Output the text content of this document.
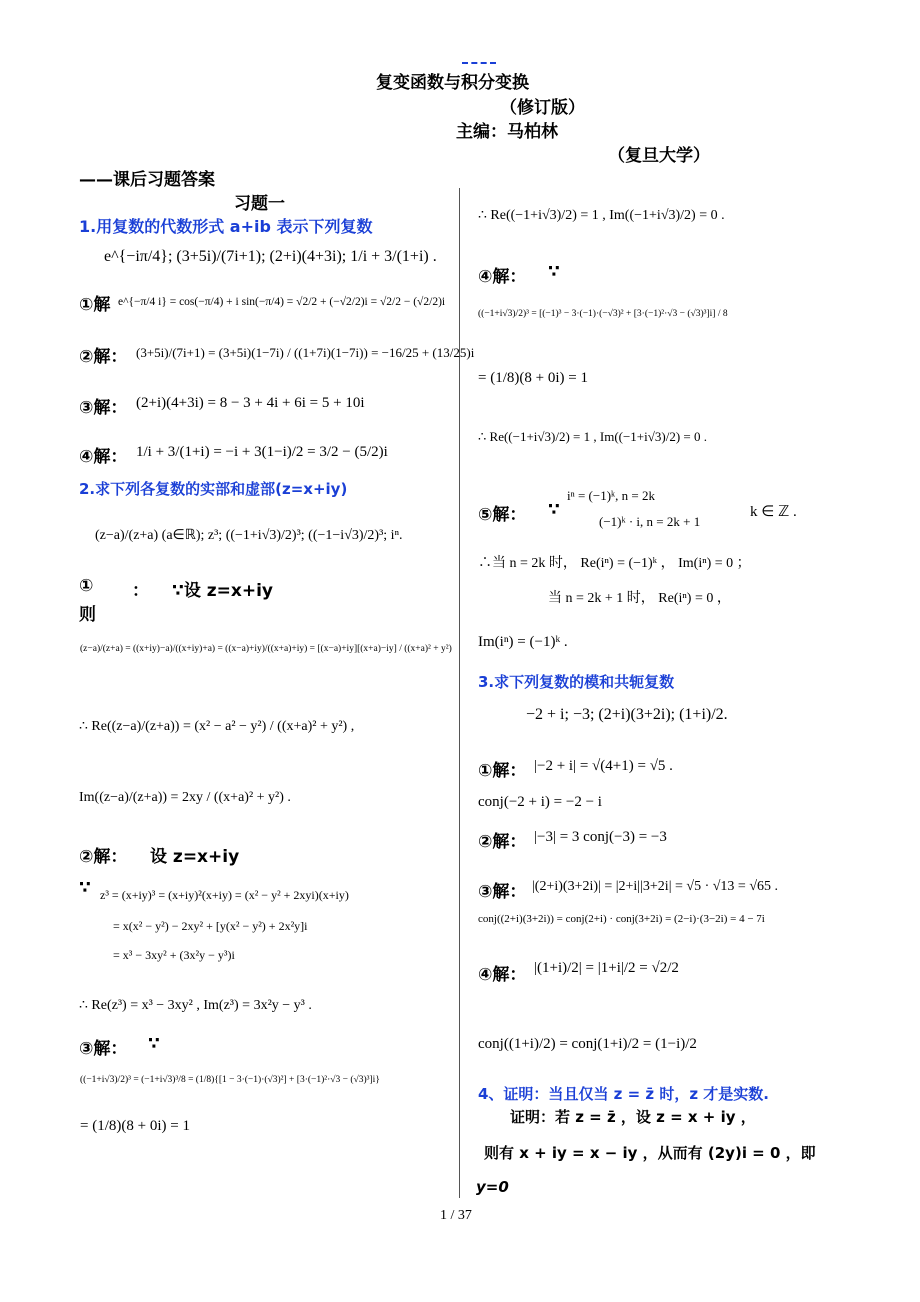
复变函数与积分变换
（修订版）
主编：马柏林
（复旦大学）
——课后习题答案
习题一
1.用复数的代数形式 a+ib 表示下列复数
e^{−iπ/4}; (3+5i)/(7i+1); (2+i)(4+3i); 1/i + 3/(1+i) .
①解 e^{−π/4 i} = cos(−π/4) + i sin(−π/4) = √2/2 + (−√2/2)i = √2/2 − (√2/2)i
②解： (3+5i)/(7i+1) = (3+5i)(1−7i) / ((1+7i)(1−7i)) = −16/25 + (13/25)i
③解： (2+i)(4+3i) = 8 − 3 + 4i + 6i = 5 + 10i
④解： 1/i + 3/(1+i) = −i + 3(1−i)/2 = 3/2 − (5/2)i
2.求下列各复数的实部和虚部(z=x+iy)
(z−a)/(z+a) (a∈ℝ); z³; ((−1+i√3)/2)³; ((−1−i√3)/2)³; iⁿ.
① ： ∵设 z=x+iy
则
(z−a)/(z+a) = ((x+iy)−a)/((x+iy)+a) = ((x−a)+iy)/((x+a)+iy) = [(x−a)+iy][(x+a)−iy] / ((x+a)² + y²)
∴ Re((z−a)/(z+a)) = (x² − a² − y²) / ((x+a)² + y²) ,
Im((z−a)/(z+a)) = 2xy / ((x+a)² + y²) .
②解： 设 z=x+iy
∵ z³ = (x+iy)³ = (x+iy)²(x+iy) = (x² − y² + 2xyi)(x+iy)
= x(x² − y²) − 2xy² + [y(x² − y²) + 2x²y]i
= x³ − 3xy² + (3x²y − y³)i
∴ Re(z³) = x³ − 3xy² , Im(z³) = 3x²y − y³ .
③解： ∵
((−1+i√3)/2)³ = (−1+i√3)³/8 = (1/8){[1 − 3·(−1)·(√3)²] + [3·(−1)²·√3 − (√3)³]i}
= (1/8)(8 + 0i) = 1
∴ Re((−1+i√3)/2) = 1 , Im((−1+i√3)/2) = 0 .
④解： ∵
((−1+i√3)/2)³ = [(−1)³ − 3·(−1)·(−√3)² + [3·(−1)²·√3 − (√3)³]i] / 8
= (1/8)(8 + 0i) = 1
∴ Re((−1+i√3)/2) = 1 , Im((−1+i√3)/2) = 0 .
⑤解： ∵
iⁿ = (−1)ᵏ, n = 2k
(−1)ᵏ · i, n = 2k + 1
k ∈ ℤ .
∴当 n = 2k 时， Re(iⁿ) = (−1)ᵏ ， Im(iⁿ) = 0 ；
当 n = 2k + 1 时， Re(iⁿ) = 0 ，
Im(iⁿ) = (−1)ᵏ .
3.求下列复数的模和共轭复数
−2 + i; −3; (2+i)(3+2i); (1+i)/2.
①解： |−2 + i| = √(4+1) = √5 .
conj(−2 + i) = −2 − i
②解： |−3| = 3 conj(−3) = −3
③解： |(2+i)(3+2i)| = |2+i||3+2i| = √5 · √13 = √65 .
conj((2+i)(3+2i)) = conj(2+i) · conj(3+2i) = (2−i)·(3−2i) = 4 − 7i
④解： |(1+i)/2| = |1+i|/2 = √2/2
conj((1+i)/2) = conj(1+i)/2 = (1−i)/2
4、证明：当且仅当 z = z̄ 时，z 才是实数.
证明：若 z = z̄ ，设 z = x + iy ，
则有 x + iy = x − iy ，从而有 (2y)i = 0 ，即
y=0
1 / 37
